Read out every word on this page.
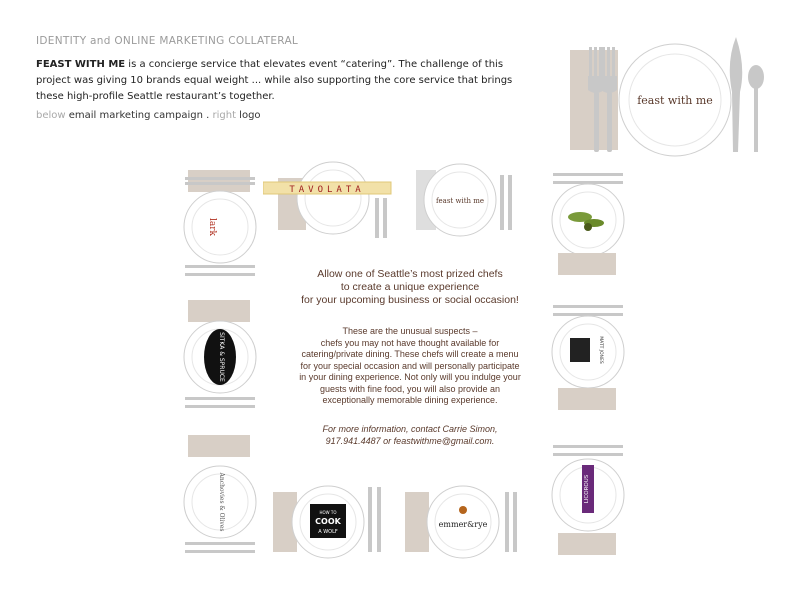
IDENTITY and ONLINE MARKETING COLLATERAL
FEAST WITH ME is a concierge service that elevates event “catering”. The challenge of this project was giving 10 brands equal weight ... while also supporting the core service that brings these high-profile Seattle restaurant’s together.
below email marketing campaign . right logo
feast with me
lark
TAVOLATA
feast with me
SITKA & SPRUCE	MATT JONES
Anchovies & Olives	HOW TO
COOK
A WOLF
emmer&rye
LICOROUS
Allow one of Seattle’s most prized chefs
to create a unique experience
for your upcoming business or social occasion!
These are the unusual suspects –
chefs you may not have thought available for
catering/private dining. These chefs will create a menu
for your special occasion and will personally participate
in your dining experience. Not only will you indulge your
guests with fine food, you will also provide an
exceptionally memorable dining experience.
For more information, contact Carrie Simon,
917.941.4487 or feastwithme@gmail.com.
